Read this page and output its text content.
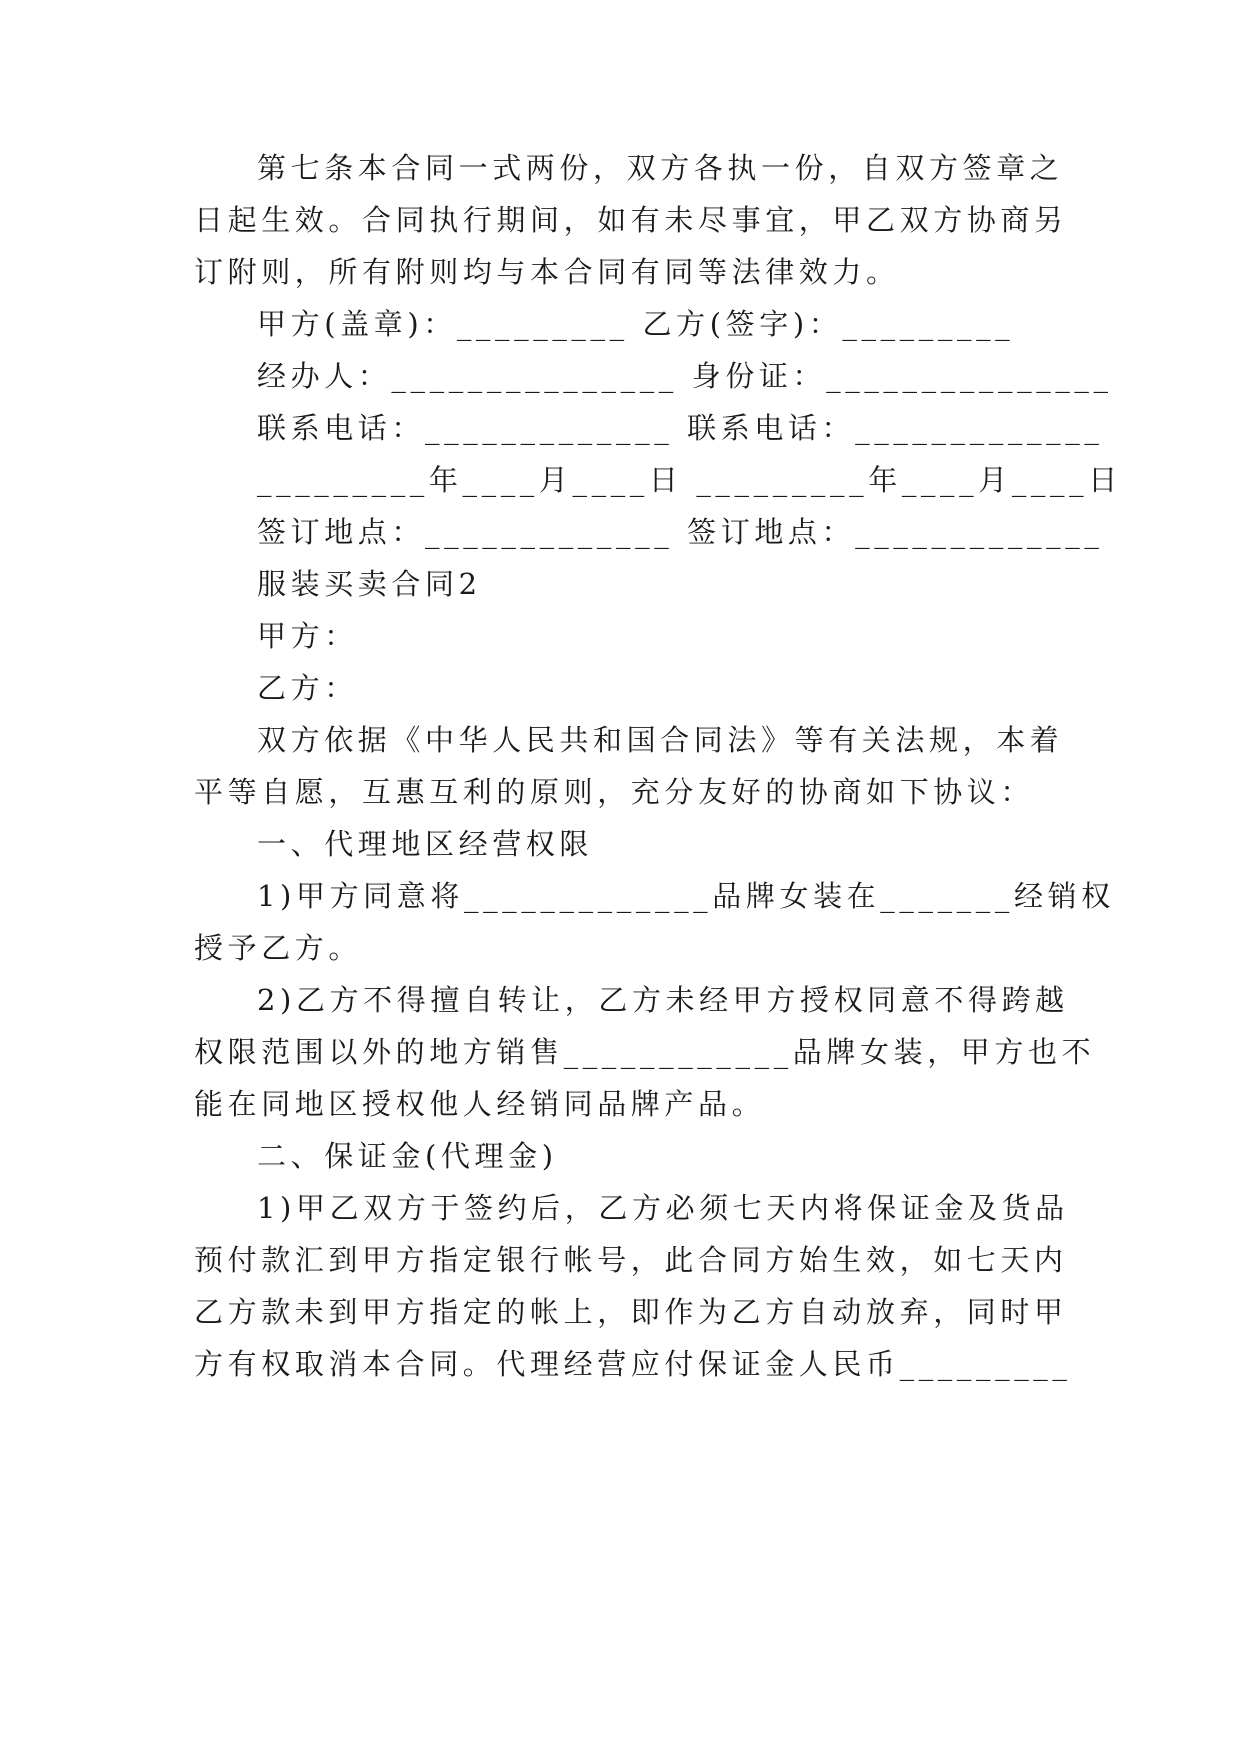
第七条本合同一式两份，双方各执一份，自双方签章之

日起生效。合同执行期间，如有未尽事宜，甲乙双方协商另

订附则，所有附则均与本合同有同等法律效力。

甲方(盖章)：_________ 乙方(签字)：_________

经办人：_______________ 身份证：_______________

联系电话：_____________ 联系电话：_____________

_________年____月____日 _________年____月____日

签订地点：_____________ 签订地点：_____________

服装买卖合同2

甲方：

乙方：

双方依据《中华人民共和国合同法》等有关法规，本着

平等自愿，互惠互利的原则，充分友好的协商如下协议：

一、代理地区经营权限

1)甲方同意将_____________品牌女装在_______经销权

授予乙方。

2)乙方不得擅自转让，乙方未经甲方授权同意不得跨越

权限范围以外的地方销售____________品牌女装，甲方也不

能在同地区授权他人经销同品牌产品。

二、保证金(代理金)

1)甲乙双方于签约后，乙方必须七天内将保证金及货品

预付款汇到甲方指定银行帐号，此合同方始生效，如七天内

乙方款未到甲方指定的帐上，即作为乙方自动放弃，同时甲

方有权取消本合同。代理经营应付保证金人民币_________
